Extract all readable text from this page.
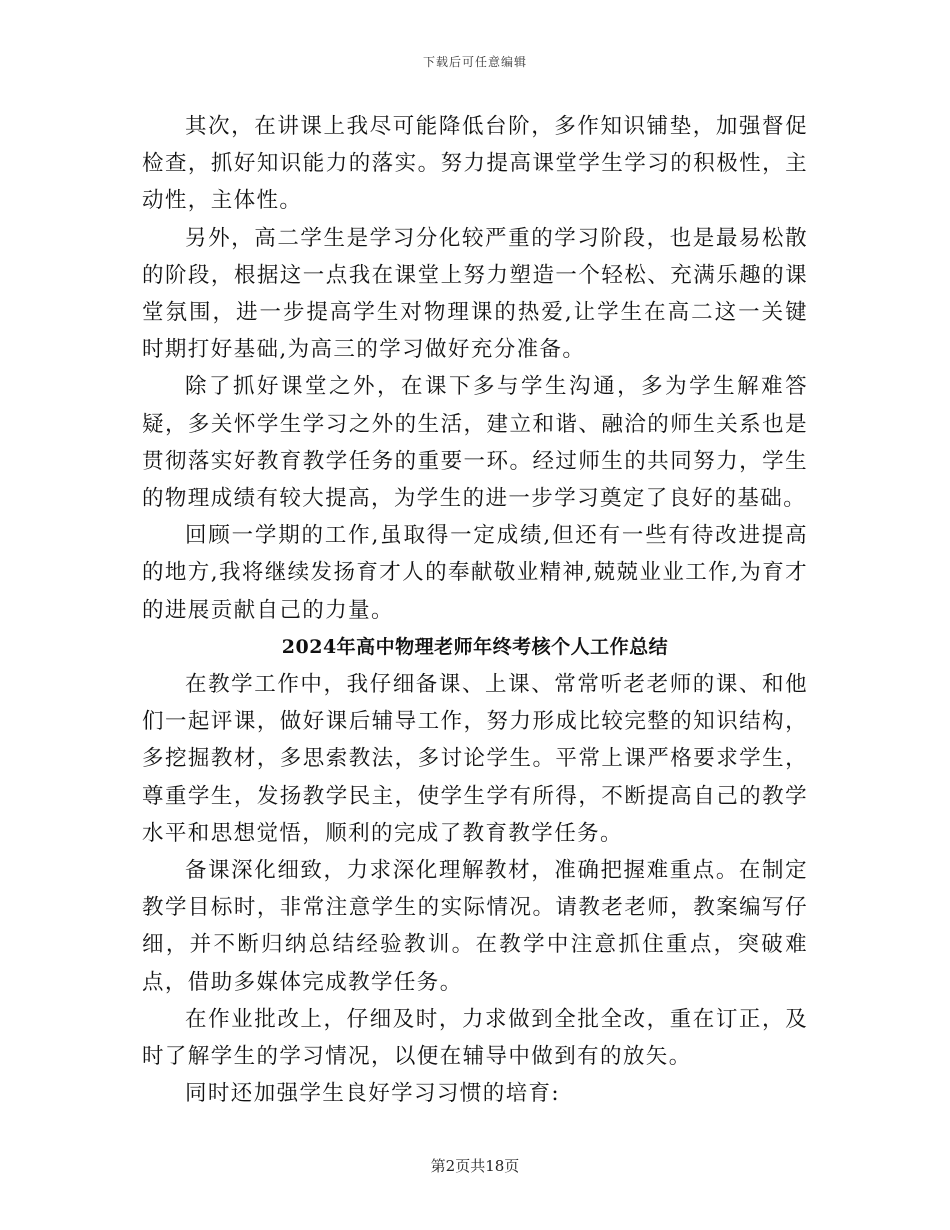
下载后可任意编辑

其次，在讲课上我尽可能降低台阶，多作知识铺垫，加强督促检查，抓好知识能力的落实。努力提高课堂学生学习的积极性，主动性，主体性。

另外，高二学生是学习分化较严重的学习阶段，也是最易松散的阶段，根据这一点我在课堂上努力塑造一个轻松、充满乐趣的课堂氛围，进一步提高学生对物理课的热爱,让学生在高二这一关键时期打好基础,为高三的学习做好充分准备。

除了抓好课堂之外，在课下多与学生沟通，多为学生解难答疑，多关怀学生学习之外的生活，建立和谐、融洽的师生关系也是贯彻落实好教育教学任务的重要一环。经过师生的共同努力，学生的物理成绩有较大提高，为学生的进一步学习奠定了良好的基础。

回顾一学期的工作,虽取得一定成绩,但还有一些有待改进提高的地方,我将继续发扬育才人的奉献敬业精神,兢兢业业工作,为育才的进展贡献自己的力量。

2024年高中物理老师年终考核个人工作总结

在教学工作中，我仔细备课、上课、常常听老老师的课、和他们一起评课，做好课后辅导工作，努力形成比较完整的知识结构，多挖掘教材，多思索教法，多讨论学生。平常上课严格要求学生，尊重学生，发扬教学民主，使学生学有所得，不断提高自己的教学水平和思想觉悟，顺利的完成了教育教学任务。

备课深化细致，力求深化理解教材，准确把握难重点。在制定教学目标时，非常注意学生的实际情况。请教老老师，教案编写仔细，并不断归纳总结经验教训。在教学中注意抓住重点，突破难点，借助多媒体完成教学任务。

在作业批改上，仔细及时，力求做到全批全改，重在订正，及时了解学生的学习情况，以便在辅导中做到有的放矢。

同时还加强学生良好学习习惯的培育:

第2页共18页
